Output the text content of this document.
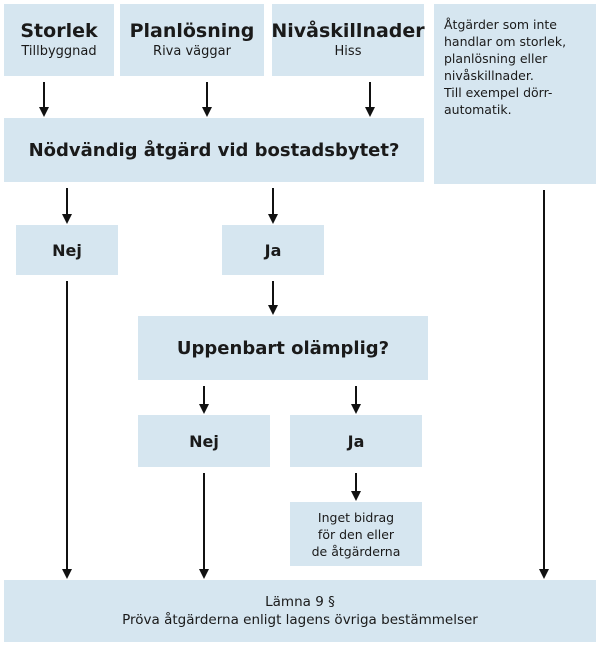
Storlek
Tillbyggnad
Planlösning
Riva väggar
Nivåskillnader
Hiss
Åtgärder som inte
handlar om storlek,
planlösning eller
nivåskillnader.
Till exempel dörr-
automatik.
Nödvändig åtgärd vid bostadsbytet?
Nej	Ja
Uppenbart olämplig?
Nej	Ja
Inget bidrag
för den eller
de åtgärderna
Lämna 9 §
Pröva åtgärderna enligt lagens övriga bestämmelser
